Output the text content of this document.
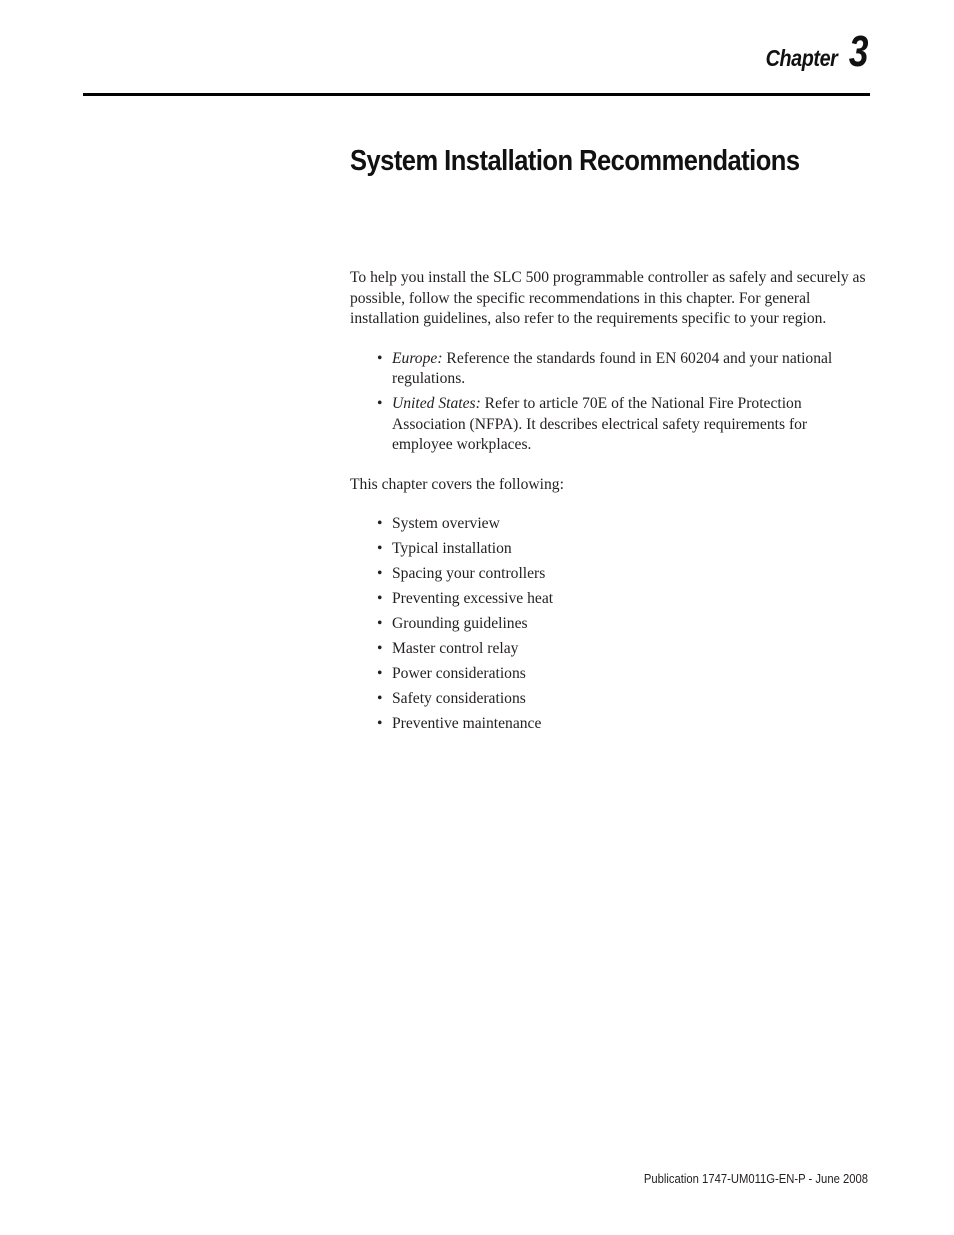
Chapter 3
System Installation Recommendations

To help you install the SLC 500 programmable controller as safely and securely as possible, follow the specific recommendations in this chapter. For general installation guidelines, also refer to the requirements specific to your region.

• Europe: Reference the standards found in EN 60204 and your national regulations.
• United States: Refer to article 70E of the National Fire Protection Association (NFPA). It describes electrical safety requirements for employee workplaces.

This chapter covers the following:

• System overview
• Typical installation
• Spacing your controllers
• Preventing excessive heat
• Grounding guidelines
• Master control relay
• Power considerations
• Safety considerations
• Preventive maintenance
Publication 1747-UM011G-EN-P - June 2008
